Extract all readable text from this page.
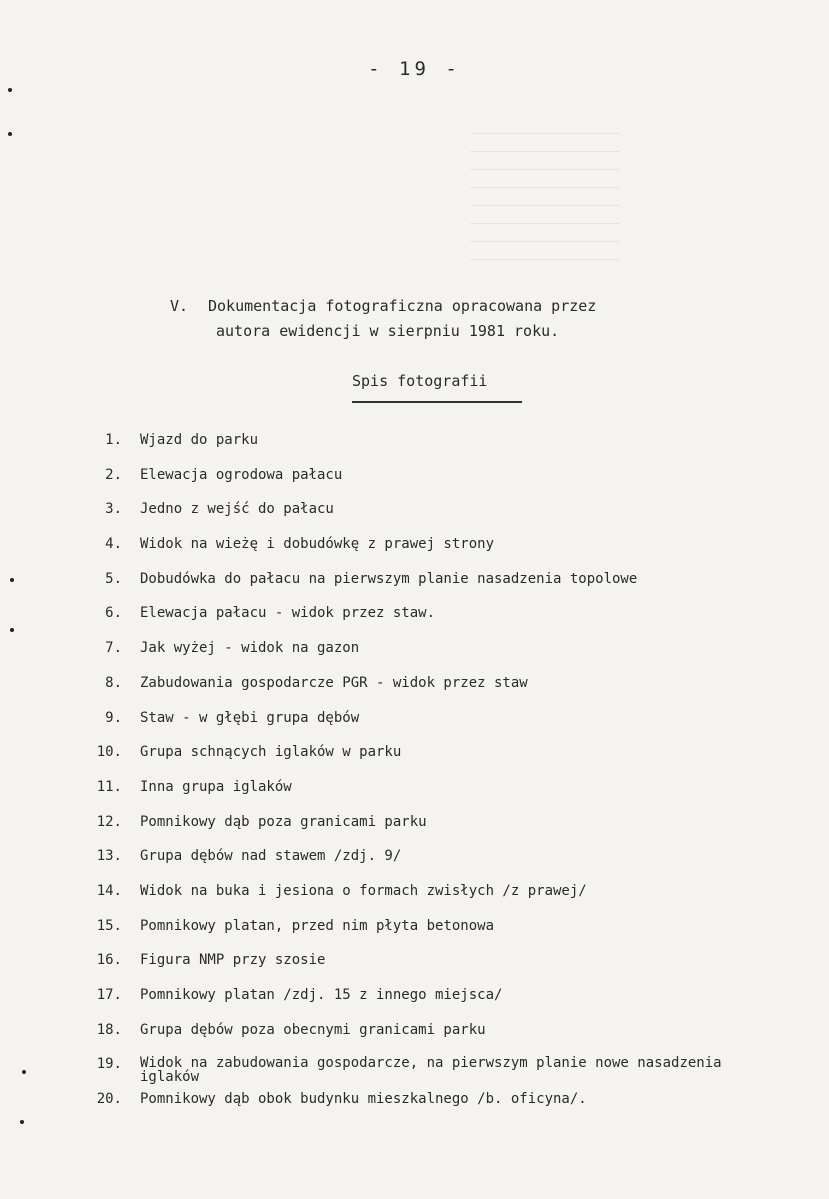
- 19 -
V. Dokumentacja fotograficzna opracowana przez
autora ewidencji w sierpniu 1981 roku.
Spis fotografii
1. Wjazd do parku
2. Elewacja ogrodowa pałacu
3. Jedno z wejść do pałacu
4. Widok na wieżę i dobudówkę z prawej strony
5. Dobudówka do pałacu na pierwszym planie nasadzenia topolowe
6. Elewacja pałacu - widok przez staw.
7. Jak wyżej - widok na gazon
8. Zabudowania gospodarcze PGR - widok przez staw
9. Staw - w głębi grupa dębów
10. Grupa schnących iglaków w parku
11. Inna grupa iglaków
12. Pomnikowy dąb poza granicami parku
13. Grupa dębów nad stawem /zdj. 9/
14. Widok na buka i jesiona o formach zwisłych /z prawej/
15. Pomnikowy platan, przed nim płyta betonowa
16. Figura NMP przy szosie
17. Pomnikowy platan /zdj. 15 z innego miejsca/
18. Grupa dębów poza obecnymi granicami parku
19. Widok na zabudowania gospodarcze, na pierwszym planie nowe nasadzenia iglaków
20. Pomnikowy dąb obok budynku mieszkalnego /b. oficyna/.
